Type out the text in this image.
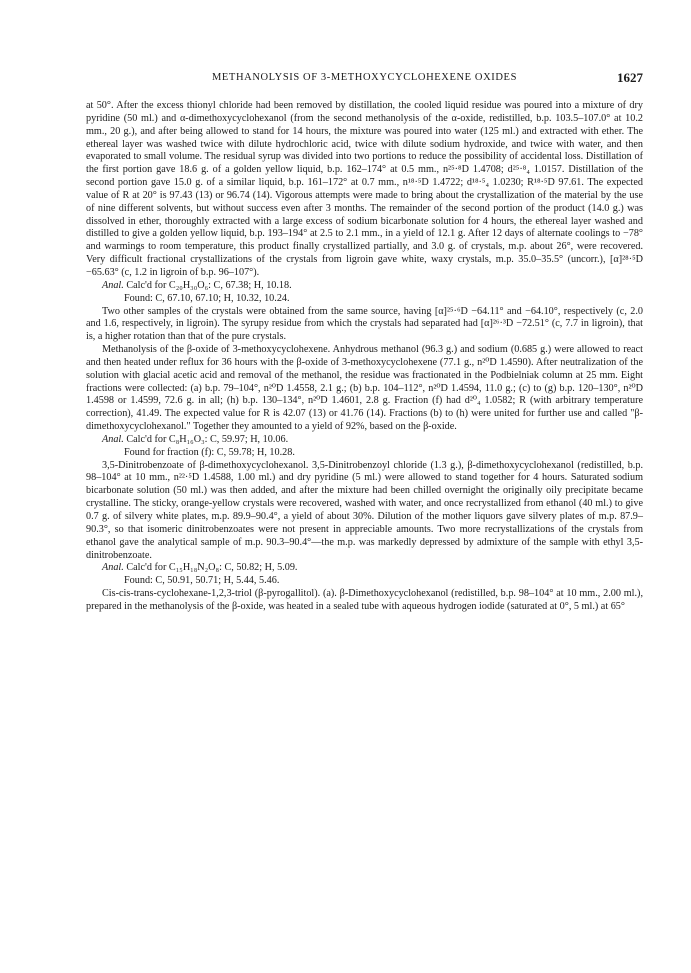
METHANOLYSIS OF 3-METHOXYCYCLOHEXENE OXIDES	1627

at 50°. After the excess thionyl chloride had been removed by distillation, the cooled liquid residue was poured into a mixture of dry pyridine (50 ml.) and α-dimethoxycyclohexanol (from the second methanolysis of the α-oxide, redistilled, b.p. 103.5–107.0° at 10.2 mm., 20 g.), and after being allowed to stand for 14 hours, the mixture was poured into water (125 ml.) and extracted with ether. The ethereal layer was washed twice with dilute hydrochloric acid, twice with dilute sodium hydroxide, and twice with water, and then evaporated to small volume. The residual syrup was divided into two portions to reduce the possibility of accidental loss. Distillation of the first portion gave 18.6 g. of a golden yellow liquid, b.p. 162–174° at 0.5 mm., n²⁵·⁸D 1.4708; d²⁵·⁸₄ 1.0157. Distillation of the second portion gave 15.0 g. of a similar liquid, b.p. 161–172° at 0.7 mm., n¹⁸·⁵D 1.4722; d¹⁸·⁵₄ 1.0230; R¹⁸·⁵D 97.61. The expected value of R at 20° is 97.43 (13) or 96.74 (14). Vigorous attempts were made to bring about the crystallization of the material by the use of nine different solvents, but without success even after 3 months. The remainder of the second portion of the product (14.0 g.) was dissolved in ether, thoroughly extracted with a large excess of sodium bicarbonate solution for 4 hours, the ethereal layer washed and distilled to give a golden yellow liquid, b.p. 193–194° at 2.5 to 2.1 mm., in a yield of 12.1 g. After 12 days of alternate coolings to −78° and warmings to room temperature, this product finally crystallized partially, and 3.0 g. of crystals, m.p. about 26°, were recovered. Very difficult fractional crystallizations of the crystals from ligroin gave white, waxy crystals, m.p. 35.0–35.5° (uncorr.), [α]²⁸·⁵D −65.63° (c, 1.2 in ligroin of b.p. 96–107°).

Anal. Calc'd for C₂₀H₃₀O₆: C, 67.38; H, 10.18.

Found: C, 67.10, 67.10; H, 10.32, 10.24.

Two other samples of the crystals were obtained from the same source, having [α]²⁵·⁶D −64.11° and −64.10°, respectively (c, 2.0 and 1.6, respectively, in ligroin). The syrupy residue from which the crystals had separated had [α]²⁶·³D −72.51° (c, 7.7 in ligroin), that is, a higher rotation than that of the pure crystals.

Methanolysis of the β-oxide of 3-methoxycyclohexene. Anhydrous methanol (96.3 g.) and sodium (0.685 g.) were allowed to react and then heated under reflux for 36 hours with the β-oxide of 3-methoxycyclohexene (77.1 g., n²⁰D 1.4590). After neutralization of the solution with glacial acetic acid and removal of the methanol, the residue was fractionated in the Podbielniak column at 25 mm. Eight fractions were collected: (a) b.p. 79–104°, n²⁰D 1.4558, 2.1 g.; (b) b.p. 104–112°, n²⁰D 1.4594, 11.0 g.; (c) to (g) b.p. 120–130°, n²⁰D 1.4598 or 1.4599, 72.6 g. in all; (h) b.p. 130–134°, n²⁰D 1.4601, 2.8 g. Fraction (f) had d²⁰₄ 1.0582; R (with arbitrary temperature correction), 41.49. The expected value for R is 42.07 (13) or 41.76 (14). Fractions (b) to (h) were united for further use and called "β-dimethoxycyclohexanol." Together they amounted to a yield of 92%, based on the β-oxide.

Anal. Calc'd for C₈H₁₆O₃: C, 59.97; H, 10.06.

Found for fraction (f): C, 59.78; H, 10.28.

3,5-Dinitrobenzoate of β-dimethoxycyclohexanol. 3,5-Dinitrobenzoyl chloride (1.3 g.), β-dimethoxycyclohexanol (redistilled, b.p. 98–104° at 10 mm., n²²·⁵D 1.4588, 1.00 ml.) and dry pyridine (5 ml.) were allowed to stand together for 4 hours. Saturated sodium bicarbonate solution (50 ml.) was then added, and after the mixture had been chilled overnight the originally oily precipitate became crystalline. The sticky, orange-yellow crystals were recovered, washed with water, and once recrystallized from ethanol (40 ml.) to give 0.7 g. of silvery white plates, m.p. 89.9–90.4°, a yield of about 30%. Dilution of the mother liquors gave silvery plates of m.p. 87.9–90.3°, so that isomeric dinitrobenzoates were not present in appreciable amounts. Two more recrystallizations of the crystals from ethanol gave the analytical sample of m.p. 90.3–90.4°—the m.p. was markedly depressed by admixture of the sample with ethyl 3,5-dinitrobenzoate.

Anal. Calc'd for C₁₅H₁₈N₂O₈: C, 50.82; H, 5.09.

Found: C, 50.91, 50.71; H, 5.44, 5.46.

Cis-cis-trans-cyclohexane-1,2,3-triol (β-pyrogallitol). (a). β-Dimethoxycyclohexanol (redistilled, b.p. 98–104° at 10 mm., 2.00 ml.), prepared in the methanolysis of the β-oxide, was heated in a sealed tube with aqueous hydrogen iodide (saturated at 0°, 5 ml.) at 65°
